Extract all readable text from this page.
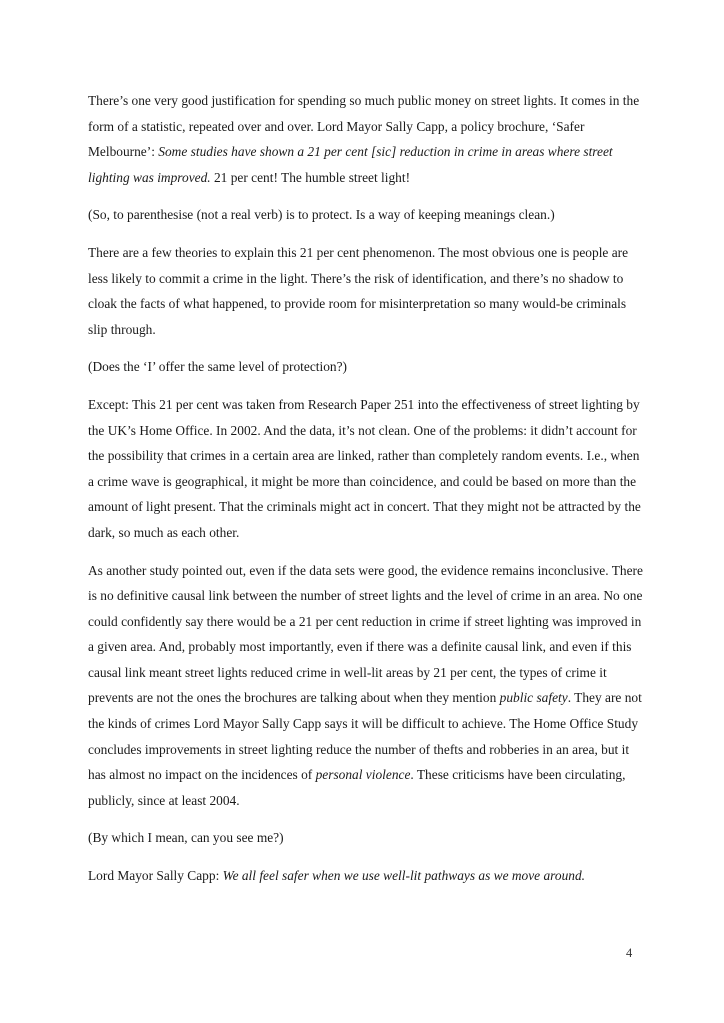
There’s one very good justification for spending so much public money on street lights. It comes in the form of a statistic, repeated over and over. Lord Mayor Sally Capp, a policy brochure, ‘Safer Melbourne’: Some studies have shown a 21 per cent [sic] reduction in crime in areas where street lighting was improved. 21 per cent! The humble street light!

(So, to parenthesise (not a real verb) is to protect. Is a way of keeping meanings clean.)

There are a few theories to explain this 21 per cent phenomenon. The most obvious one is people are less likely to commit a crime in the light. There’s the risk of identification, and there’s no shadow to cloak the facts of what happened, to provide room for misinterpretation so many would-be criminals slip through.

(Does the ‘I’ offer the same level of protection?)

Except: This 21 per cent was taken from Research Paper 251 into the effectiveness of street lighting by the UK’s Home Office. In 2002. And the data, it’s not clean. One of the problems: it didn’t account for the possibility that crimes in a certain area are linked, rather than completely random events. I.e., when a crime wave is geographical, it might be more than coincidence, and could be based on more than the amount of light present. That the criminals might act in concert. That they might not be attracted by the dark, so much as each other.

As another study pointed out, even if the data sets were good, the evidence remains inconclusive. There is no definitive causal link between the number of street lights and the level of crime in an area. No one could confidently say there would be a 21 per cent reduction in crime if street lighting was improved in a given area. And, probably most importantly, even if there was a definite causal link, and even if this causal link meant street lights reduced crime in well-lit areas by 21 per cent, the types of crime it prevents are not the ones the brochures are talking about when they mention public safety. They are not the kinds of crimes Lord Mayor Sally Capp says it will be difficult to achieve. The Home Office Study concludes improvements in street lighting reduce the number of thefts and robberies in an area, but it has almost no impact on the incidences of personal violence. These criticisms have been circulating, publicly, since at least 2004.

(By which I mean, can you see me?)

Lord Mayor Sally Capp: We all feel safer when we use well-lit pathways as we move around.

4
